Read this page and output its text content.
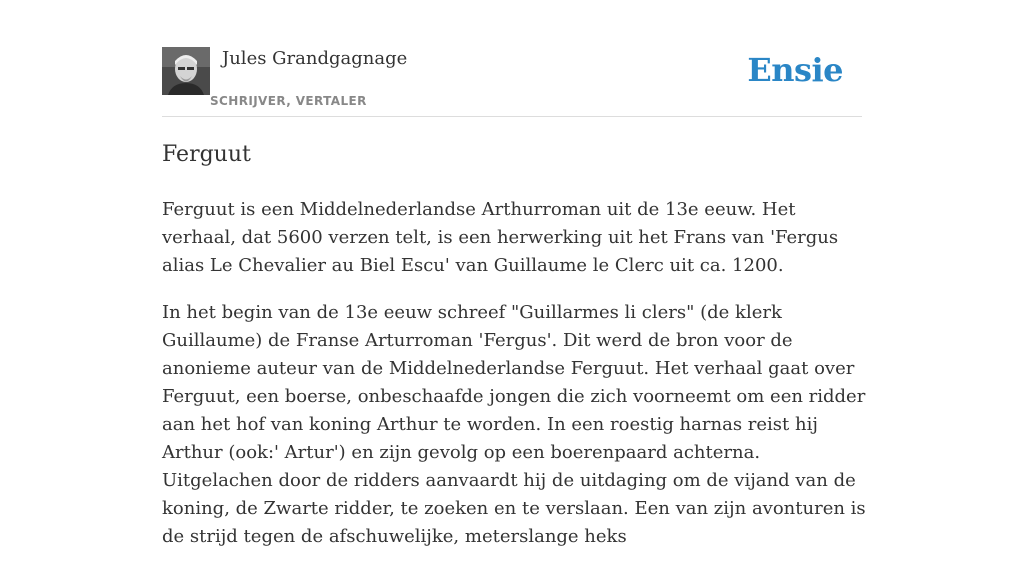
Jules Grandgagnage
SCHRIJVER, VERTALER
Ensie
Ferguut

Ferguut is een Middelnederlandse Arthurroman uit de 13e eeuw. Het verhaal, dat 5600 verzen telt, is een herwerking uit het Frans van 'Fergus alias Le Chevalier au Biel Escu' van Guillaume le Clerc uit ca. 1200.

In het begin van de 13e eeuw schreef "Guillarmes li clers" (de klerk Guillaume) de Franse Arturroman 'Fergus'. Dit werd de bron voor de anonieme auteur van de Middelnederlandse Ferguut. Het verhaal gaat over Ferguut, een boerse, onbeschaafde jongen die zich voorneemt om een ridder aan het hof van koning Arthur te worden. In een roestig harnas reist hij Arthur (ook:' Artur') en zijn gevolg op een boerenpaard achterna. Uitgelachen door de ridders aanvaardt hij de uitdaging om de vijand van de koning, de Zwarte ridder, te zoeken en te verslaan. Een van zijn avonturen is de strijd tegen de afschuwelijke, meterslange heks
